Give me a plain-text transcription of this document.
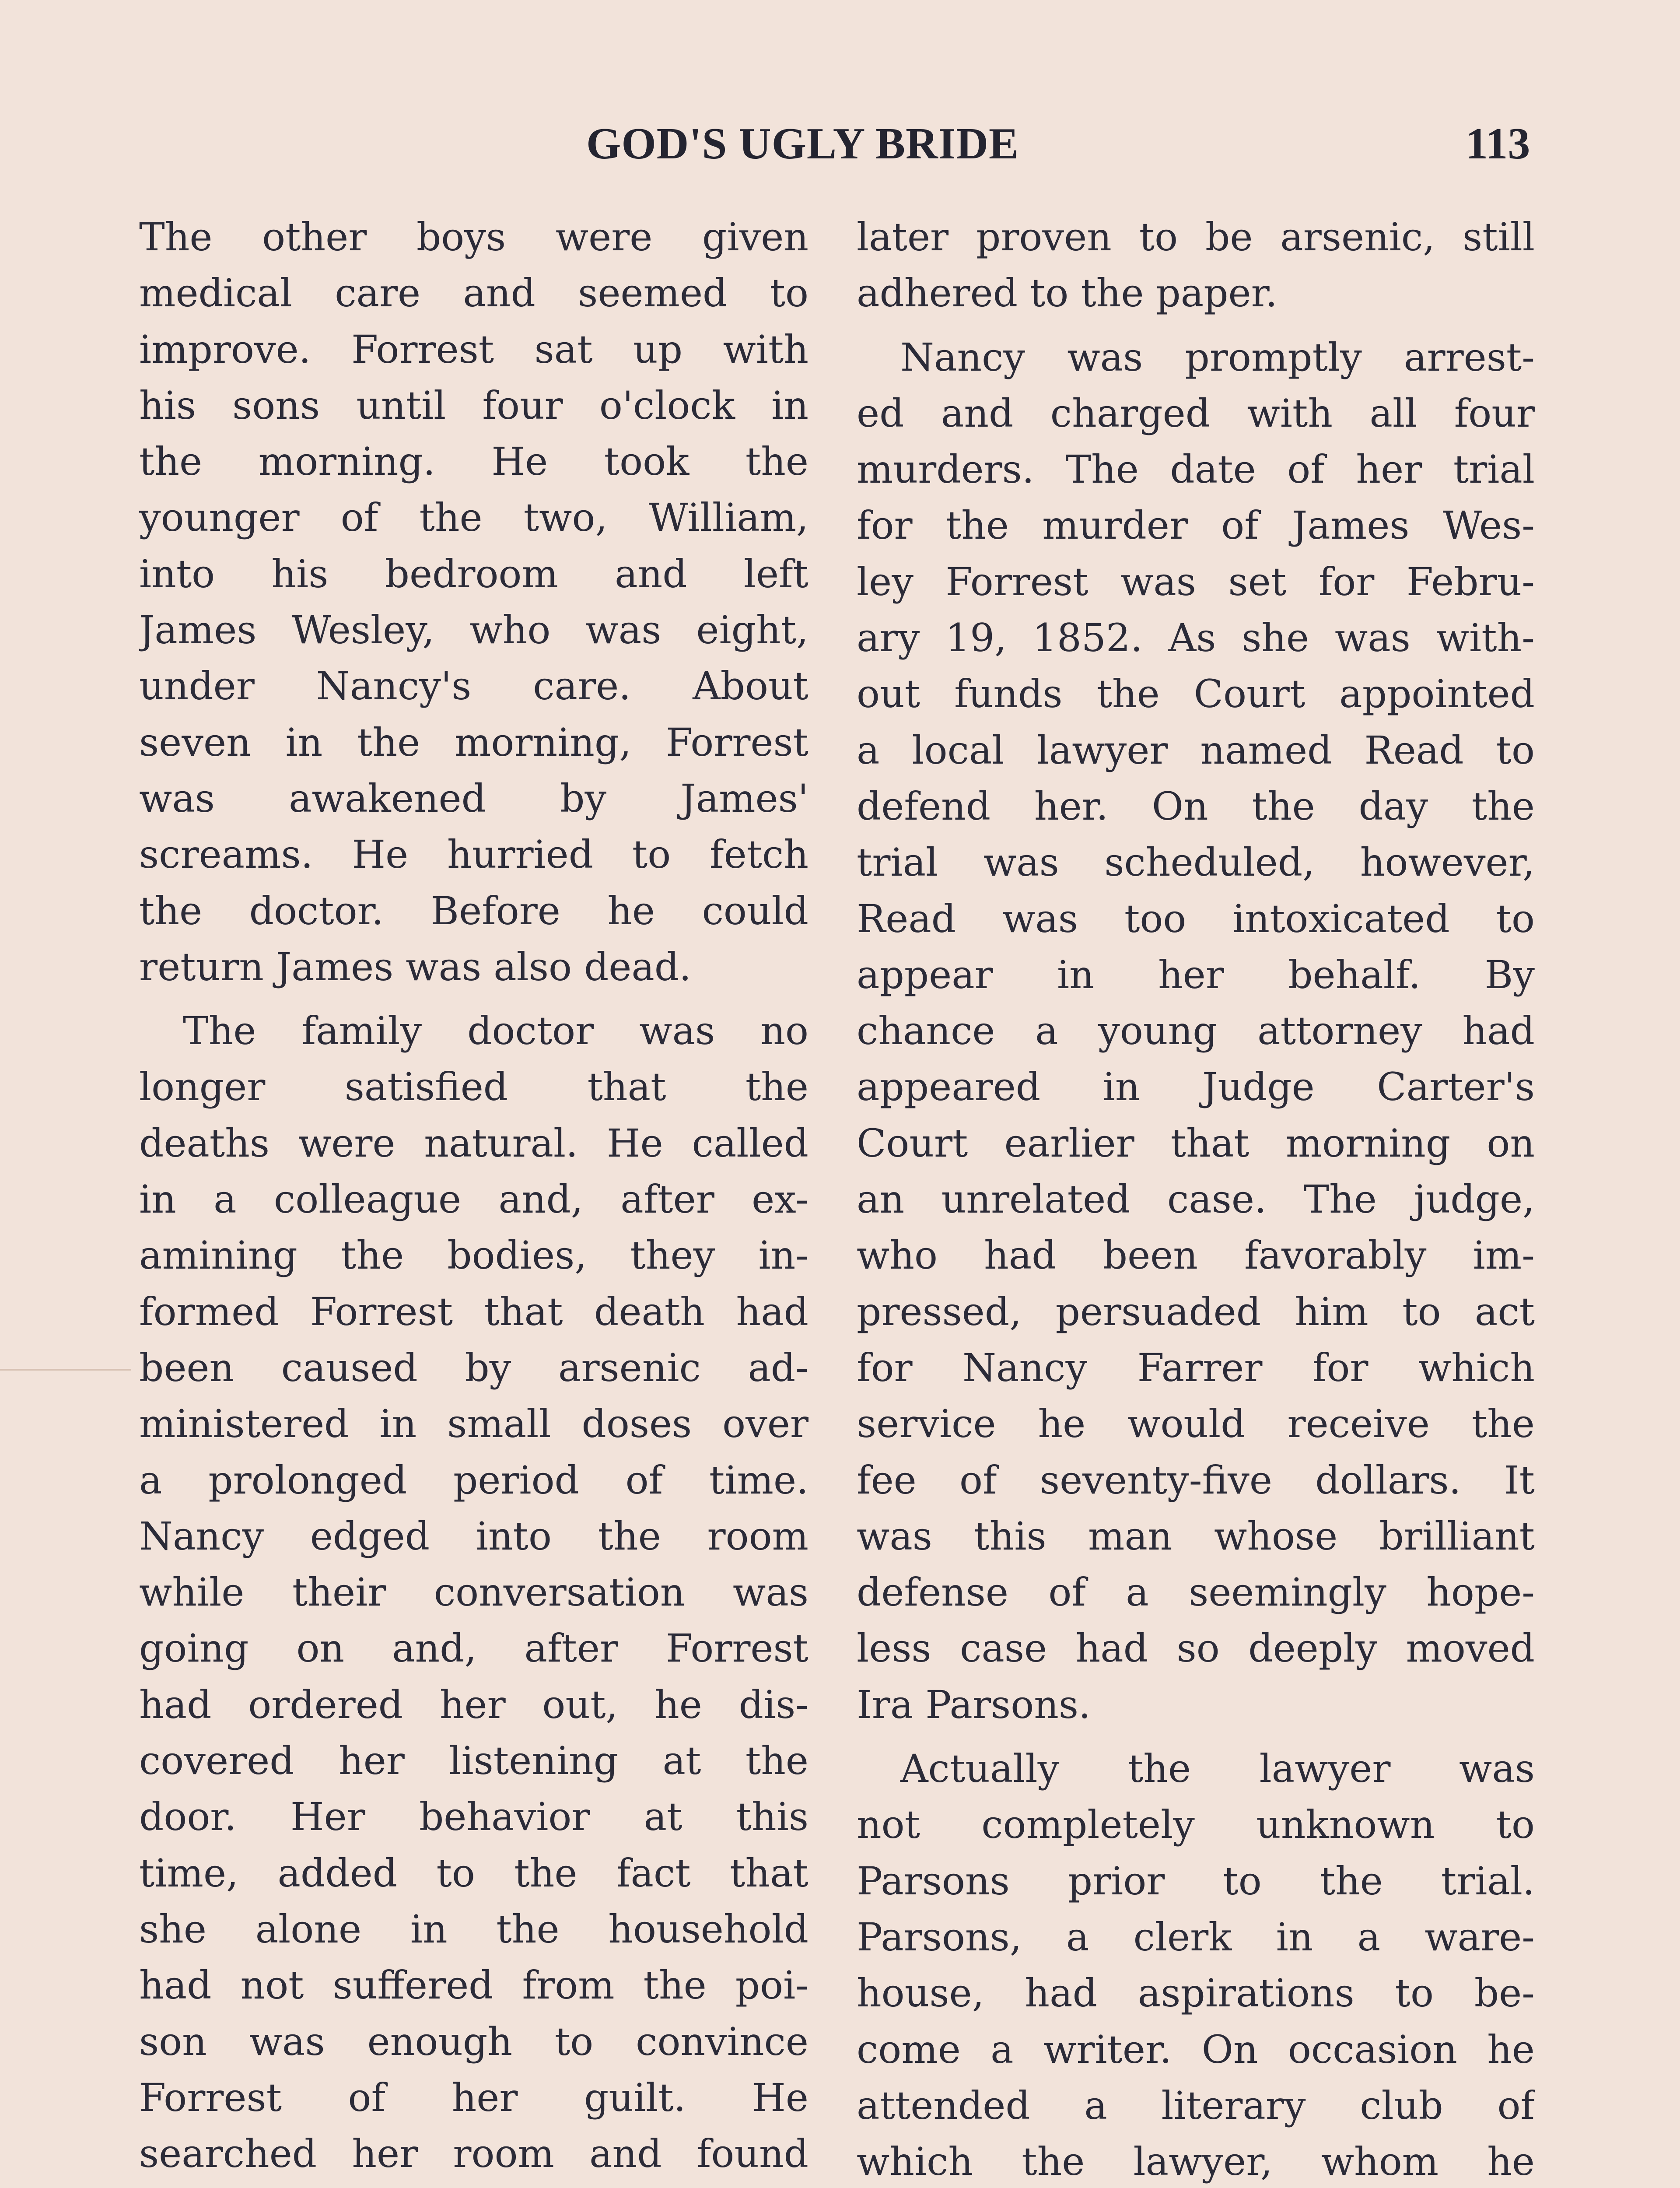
GOD'S UGLY BRIDE	113
The other boys were given
medical care and seemed to
improve. Forrest sat up with
his sons until four o'clock in
the morning. He took the
younger of the two, William,
into his bedroom and left
James Wesley, who was eight,
under Nancy's care. About
seven in the morning, Forrest
was awakened by James'
screams. He hurried to fetch
the doctor. Before he could
return James was also dead.
The family doctor was no
longer satisfied that the
deaths were natural. He called
in a colleague and, after ex-
amining the bodies, they in-
formed Forrest that death had
been caused by arsenic ad-
ministered in small doses over
a prolonged period of time.
Nancy edged into the room
while their conversation was
going on and, after Forrest
had ordered her out, he dis-
covered her listening at the
door. Her behavior at this
time, added to the fact that
she alone in the household
had not suffered from the poi-
son was enough to convince
Forrest of her guilt. He
searched her room and found
later proven to be arsenic, still
adhered to the paper.
Nancy was promptly arrest-
ed and charged with all four
murders. The date of her trial
for the murder of James Wes-
ley Forrest was set for Febru-
ary 19, 1852. As she was with-
out funds the Court appointed
a local lawyer named Read to
defend her. On the day the
trial was scheduled, however,
Read was too intoxicated to
appear in her behalf. By
chance a young attorney had
appeared in Judge Carter's
Court earlier that morning on
an unrelated case. The judge,
who had been favorably im-
pressed, persuaded him to act
for Nancy Farrer for which
service he would receive the
fee of seventy-five dollars. It
was this man whose brilliant
defense of a seemingly hope-
less case had so deeply moved
Ira Parsons.
Actually the lawyer was
not completely unknown to
Parsons prior to the trial.
Parsons, a clerk in a ware-
house, had aspirations to be-
come a writer. On occasion he
attended a literary club of
which the lawyer, whom he
